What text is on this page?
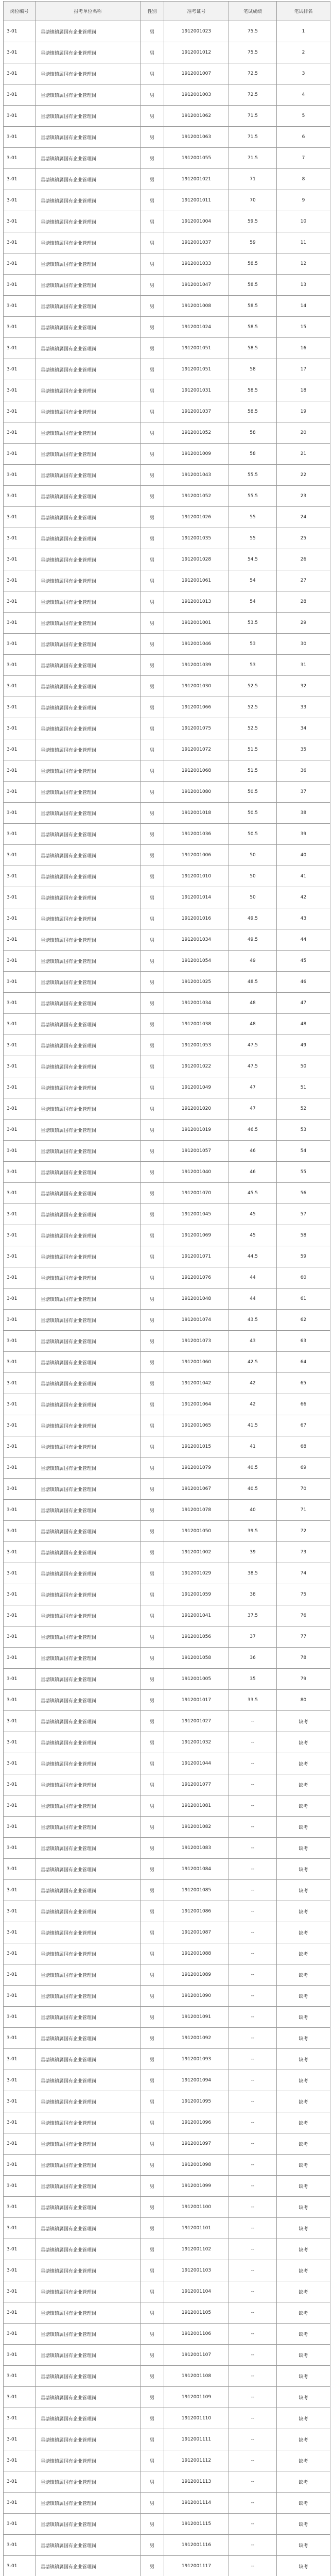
岗位编号	报考单位名称	性别	准考证号	笔试成绩	笔试排名
3-01	星塘镇镇属国有企业管理岗	男	1912001023	75.5	1
3-01	星塘镇镇属国有企业管理岗	男	1912001012	75.5	2
3-01	星塘镇镇属国有企业管理岗	男	1912001007	72.5	3
3-01	星塘镇镇属国有企业管理岗	男	1912001003	72.5	4
3-01	星塘镇镇属国有企业管理岗	男	1912001062	71.5	5
3-01	星塘镇镇属国有企业管理岗	男	1912001063	71.5	6
3-01	星塘镇镇属国有企业管理岗	男	1912001055	71.5	7
3-01	星塘镇镇属国有企业管理岗	男	1912001021	71	8
3-01	星塘镇镇属国有企业管理岗	男	1912001011	70	9
3-01	星塘镇镇属国有企业管理岗	男	1912001004	59.5	10
3-01	星塘镇镇属国有企业管理岗	男	1912001037	59	11
3-01	星塘镇镇属国有企业管理岗	男	1912001033	58.5	12
3-01	星塘镇镇属国有企业管理岗	男	1912001047	58.5	13
3-01	星塘镇镇属国有企业管理岗	男	1912001008	58.5	14
3-01	星塘镇镇属国有企业管理岗	男	1912001024	58.5	15
3-01	星塘镇镇属国有企业管理岗	男	1912001051	58.5	16
3-01	星塘镇镇属国有企业管理岗	男	1912001051	58	17
3-01	星塘镇镇属国有企业管理岗	男	1912001031	58.5	18
3-01	星塘镇镇属国有企业管理岗	男	1912001037	58.5	19
3-01	星塘镇镇属国有企业管理岗	男	1912001052	58	20
3-01	星塘镇镇属国有企业管理岗	男	1912001009	58	21
3-01	星塘镇镇属国有企业管理岗	男	1912001043	55.5	22
3-01	星塘镇镇属国有企业管理岗	男	1912001052	55.5	23
3-01	星塘镇镇属国有企业管理岗	男	1912001026	55	24
3-01	星塘镇镇属国有企业管理岗	男	1912001035	55	25
3-01	星塘镇镇属国有企业管理岗	男	1912001028	54.5	26
3-01	星塘镇镇属国有企业管理岗	男	1912001061	54	27
3-01	星塘镇镇属国有企业管理岗	男	1912001013	54	28
3-01	星塘镇镇属国有企业管理岗	男	1912001001	53.5	29
3-01	星塘镇镇属国有企业管理岗	男	1912001046	53	30
3-01	星塘镇镇属国有企业管理岗	男	1912001039	53	31
3-01	星塘镇镇属国有企业管理岗	男	1912001030	52.5	32
3-01	星塘镇镇属国有企业管理岗	男	1912001066	52.5	33
3-01	星塘镇镇属国有企业管理岗	男	1912001075	52.5	34
3-01	星塘镇镇属国有企业管理岗	男	1912001072	51.5	35
3-01	星塘镇镇属国有企业管理岗	男	1912001068	51.5	36
3-01	星塘镇镇属国有企业管理岗	男	1912001080	50.5	37
3-01	星塘镇镇属国有企业管理岗	男	1912001018	50.5	38
3-01	星塘镇镇属国有企业管理岗	男	1912001036	50.5	39
3-01	星塘镇镇属国有企业管理岗	男	1912001006	50	40
3-01	星塘镇镇属国有企业管理岗	男	1912001010	50	41
3-01	星塘镇镇属国有企业管理岗	男	1912001014	50	42
3-01	星塘镇镇属国有企业管理岗	男	1912001016	49.5	43
3-01	星塘镇镇属国有企业管理岗	男	1912001034	49.5	44
3-01	星塘镇镇属国有企业管理岗	男	1912001054	49	45
3-01	星塘镇镇属国有企业管理岗	男	1912001025	48.5	46
3-01	星塘镇镇属国有企业管理岗	男	1912001034	48	47
3-01	星塘镇镇属国有企业管理岗	男	1912001038	48	48
3-01	星塘镇镇属国有企业管理岗	男	1912001053	47.5	49
3-01	星塘镇镇属国有企业管理岗	男	1912001022	47.5	50
3-01	星塘镇镇属国有企业管理岗	男	1912001049	47	51
3-01	星塘镇镇属国有企业管理岗	男	1912001020	47	52
3-01	星塘镇镇属国有企业管理岗	男	1912001019	46.5	53
3-01	星塘镇镇属国有企业管理岗	男	1912001057	46	54
3-01	星塘镇镇属国有企业管理岗	男	1912001040	46	55
3-01	星塘镇镇属国有企业管理岗	男	1912001070	45.5	56
3-01	星塘镇镇属国有企业管理岗	男	1912001045	45	57
3-01	星塘镇镇属国有企业管理岗	男	1912001069	45	58
3-01	星塘镇镇属国有企业管理岗	男	1912001071	44.5	59
3-01	星塘镇镇属国有企业管理岗	男	1912001076	44	60
3-01	星塘镇镇属国有企业管理岗	男	1912001048	44	61
3-01	星塘镇镇属国有企业管理岗	男	1912001074	43.5	62
3-01	星塘镇镇属国有企业管理岗	男	1912001073	43	63
3-01	星塘镇镇属国有企业管理岗	男	1912001060	42.5	64
3-01	星塘镇镇属国有企业管理岗	男	1912001042	42	65
3-01	星塘镇镇属国有企业管理岗	男	1912001064	42	66
3-01	星塘镇镇属国有企业管理岗	男	1912001065	41.5	67
3-01	星塘镇镇属国有企业管理岗	男	1912001015	41	68
3-01	星塘镇镇属国有企业管理岗	男	1912001079	40.5	69
3-01	星塘镇镇属国有企业管理岗	男	1912001067	40.5	70
3-01	星塘镇镇属国有企业管理岗	男	1912001078	40	71
3-01	星塘镇镇属国有企业管理岗	男	1912001050	39.5	72
3-01	星塘镇镇属国有企业管理岗	男	1912001002	39	73
3-01	星塘镇镇属国有企业管理岗	男	1912001029	38.5	74
3-01	星塘镇镇属国有企业管理岗	男	1912001059	38	75
3-01	星塘镇镇属国有企业管理岗	男	1912001041	37.5	76
3-01	星塘镇镇属国有企业管理岗	男	1912001056	37	77
3-01	星塘镇镇属国有企业管理岗	男	1912001058	36	78
3-01	星塘镇镇属国有企业管理岗	男	1912001005	35	79
3-01	星塘镇镇属国有企业管理岗	男	1912001017	33.5	80
3-01	星塘镇镇属国有企业管理岗	男	1912001027	--	缺考
3-01	星塘镇镇属国有企业管理岗	男	1912001032	--	缺考
3-01	星塘镇镇属国有企业管理岗	男	1912001044	--	缺考
3-01	星塘镇镇属国有企业管理岗	男	1912001077	--	缺考
3-01	星塘镇镇属国有企业管理岗	男	1912001081	--	缺考
3-01	星塘镇镇属国有企业管理岗	男	1912001082	--	缺考
3-01	星塘镇镇属国有企业管理岗	男	1912001083	--	缺考
3-01	星塘镇镇属国有企业管理岗	男	1912001084	--	缺考
3-01	星塘镇镇属国有企业管理岗	男	1912001085	--	缺考
3-01	星塘镇镇属国有企业管理岗	男	1912001086	--	缺考
3-01	星塘镇镇属国有企业管理岗	男	1912001087	--	缺考
3-01	星塘镇镇属国有企业管理岗	男	1912001088	--	缺考
3-01	星塘镇镇属国有企业管理岗	男	1912001089	--	缺考
3-01	星塘镇镇属国有企业管理岗	男	1912001090	--	缺考
3-01	星塘镇镇属国有企业管理岗	男	1912001091	--	缺考
3-01	星塘镇镇属国有企业管理岗	男	1912001092	--	缺考
3-01	星塘镇镇属国有企业管理岗	男	1912001093	--	缺考
3-01	星塘镇镇属国有企业管理岗	男	1912001094	--	缺考
3-01	星塘镇镇属国有企业管理岗	男	1912001095	--	缺考
3-01	星塘镇镇属国有企业管理岗	男	1912001096	--	缺考
3-01	星塘镇镇属国有企业管理岗	男	1912001097	--	缺考
3-01	星塘镇镇属国有企业管理岗	男	1912001098	--	缺考
3-01	星塘镇镇属国有企业管理岗	男	1912001099	--	缺考
3-01	星塘镇镇属国有企业管理岗	男	1912001100	--	缺考
3-01	星塘镇镇属国有企业管理岗	男	1912001101	--	缺考
3-01	星塘镇镇属国有企业管理岗	男	1912001102	--	缺考
3-01	星塘镇镇属国有企业管理岗	男	1912001103	--	缺考
3-01	星塘镇镇属国有企业管理岗	男	1912001104	--	缺考
3-01	星塘镇镇属国有企业管理岗	男	1912001105	--	缺考
3-01	星塘镇镇属国有企业管理岗	男	1912001106	--	缺考
3-01	星塘镇镇属国有企业管理岗	男	1912001107	--	缺考
3-01	星塘镇镇属国有企业管理岗	男	1912001108	--	缺考
3-01	星塘镇镇属国有企业管理岗	男	1912001109	--	缺考
3-01	星塘镇镇属国有企业管理岗	男	1912001110	--	缺考
3-01	星塘镇镇属国有企业管理岗	男	1912001111	--	缺考
3-01	星塘镇镇属国有企业管理岗	男	1912001112	--	缺考
3-01	星塘镇镇属国有企业管理岗	男	1912001113	--	缺考
3-01	星塘镇镇属国有企业管理岗	男	1912001114	--	缺考
3-01	星塘镇镇属国有企业管理岗	男	1912001115	--	缺考
3-01	星塘镇镇属国有企业管理岗	男	1912001116	--	缺考
3-01	星塘镇镇属国有企业管理岗	男	1912001117	--	缺考
